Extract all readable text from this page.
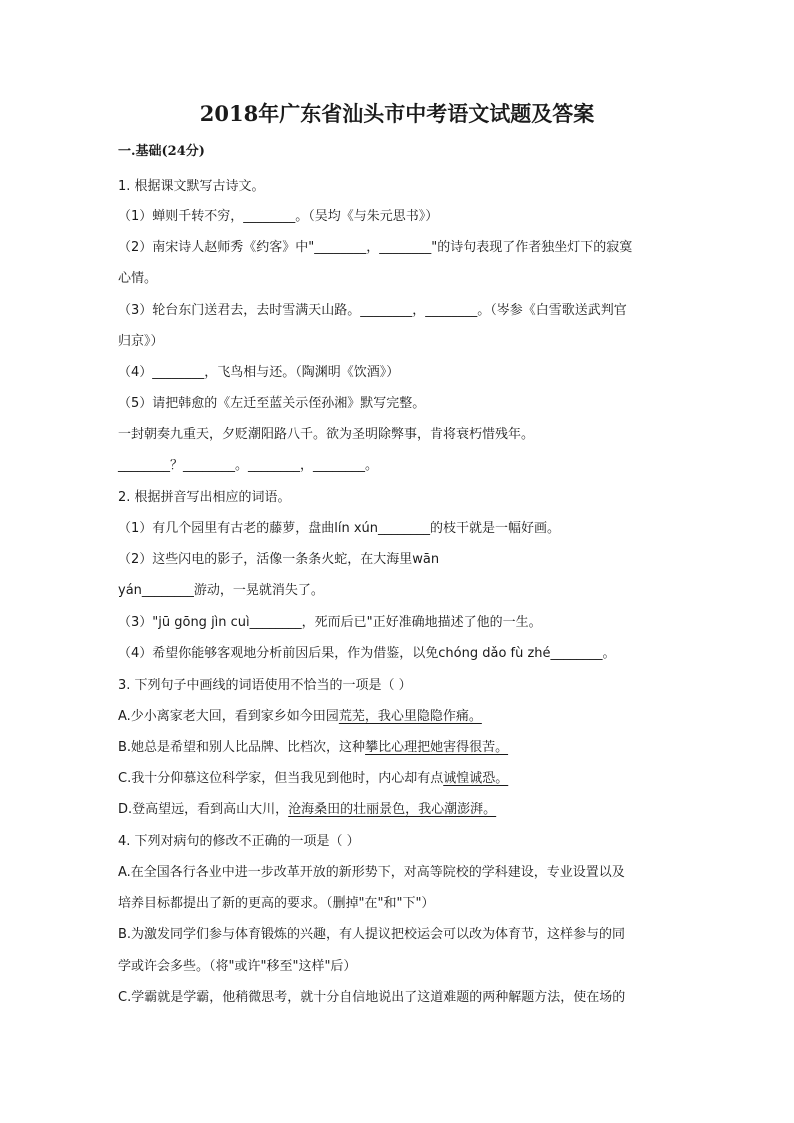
2018年广东省汕头市中考语文试题及答案
一.基础(24分)
1. 根据课文默写古诗文。
（1）蝉则千转不穷，________。（吴均《与朱元思书》）
（2）南宋诗人赵师秀《约客》中"________，________"的诗句表现了作者独坐灯下的寂寞
心情。
（3）轮台东门送君去，去时雪满天山路。________，________。（岑参《白雪歌送武判官
归京》）
（4）________，飞鸟相与还。（陶渊明《饮酒》）
（5）请把韩愈的《左迁至蓝关示侄孙湘》默写完整。
一封朝奏九重天，夕贬潮阳路八千。欲为圣明除弊事，肯将衰朽惜残年。
________？________。________，________。
2. 根据拼音写出相应的词语。
（1）有几个园里有古老的藤萝，盘曲lín xún________的枝干就是一幅好画。
（2）这些闪电的影子，活像一条条火蛇，在大海里wān
yán________游动，一晃就消失了。
（3）"jū gōng jìn cuì________，死而后已"正好准确地描述了他的一生。
（4）希望你能够客观地分析前因后果，作为借鉴，以免chóng dǎo fù zhé________。
3. 下列句子中画线的词语使用不恰当的一项是（ ）
A.少小离家老大回，看到家乡如今田园荒芜，我心里隐隐作痛。
B.她总是希望和别人比品牌、比档次，这种攀比心理把她害得很苦。
C.我十分仰慕这位科学家，但当我见到他时，内心却有点诚惶诚恐。
D.登高望远，看到高山大川，沧海桑田的壮丽景色，我心潮澎湃。
4. 下列对病句的修改不正确的一项是（ ）
A.在全国各行各业中进一步改革开放的新形势下，对高等院校的学科建设，专业设置以及
培养目标都提出了新的更高的要求。（删掉"在"和"下"）
B.为激发同学们参与体育锻炼的兴趣，有人提议把校运会可以改为体育节，这样参与的同
学或许会多些。（将"或许"移至"这样"后）
C.学霸就是学霸，他稍微思考，就十分自信地说出了这道难题的两种解题方法，使在场的
